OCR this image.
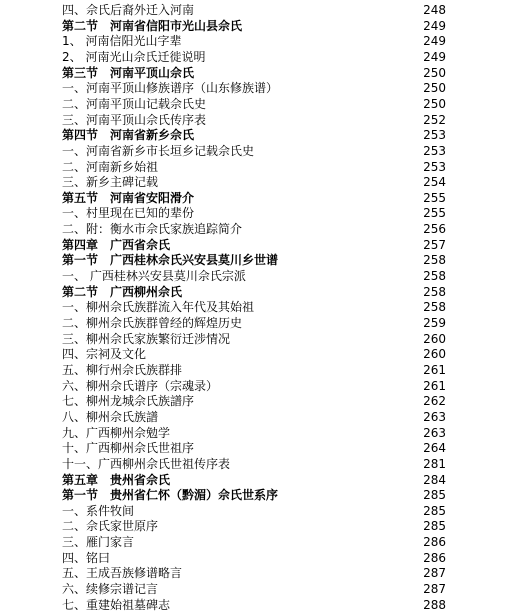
四、佘氏后裔外迁入河南	248
第二节　河南省信阳市光山县佘氏	249
1、 河南信阳光山字辈	249
2、 河南光山佘氏迁徙说明	249
第三节　河南平顶山佘氏	250
一、河南平顶山修族谱序（山东修族谱）	250
二、河南平顶山记载佘氏史	250
三、河南平顶山佘氏传序表	252
第四节　河南省新乡佘氏	253
一、河南省新乡市长垣乡记载佘氏史	253
二、河南新乡始祖	253
三、新乡主碑记载	254
第五节　河南省安阳滑介	255
一、村里现在已知的辈份	255
二、附：衡水市佘氏家族追踪简介	256
第四章　广西省佘氏	257
第一节　广西桂林佘氏兴安县莫川乡世谱	258
一、 广西桂林兴安县莫川佘氏宗派	258
第二节　广西柳州佘氏	258
一、柳州佘氏族群流入年代及其始祖	258
二、柳州佘氏族群曾经的辉煌历史	259
三、柳州佘氏家族繁衍迁涉情况	260
四、宗祠及文化	260
五、柳行州佘氏族群排	261
六、柳州佘氏谱序（宗魂录）	261
七、柳州龙城佘氏族譜序	262
八、柳州佘氏族譜	263
九、广西柳州佘勉学	263
十、广西柳州佘氏世祖序	264
十一、广西柳州佘氏世祖传序表	281
第五章　贵州省佘氏	284
第一节　贵州省仁怀（黔湄）佘氏世系序	285
一、系件牧间	285
二、佘氏家世原序	285
三、雁门家言	286
四、铭曰	286
五、王成吾族修谱略言	287
六、续修宗谱记言	287
七、重建始祖墓碑志	288
